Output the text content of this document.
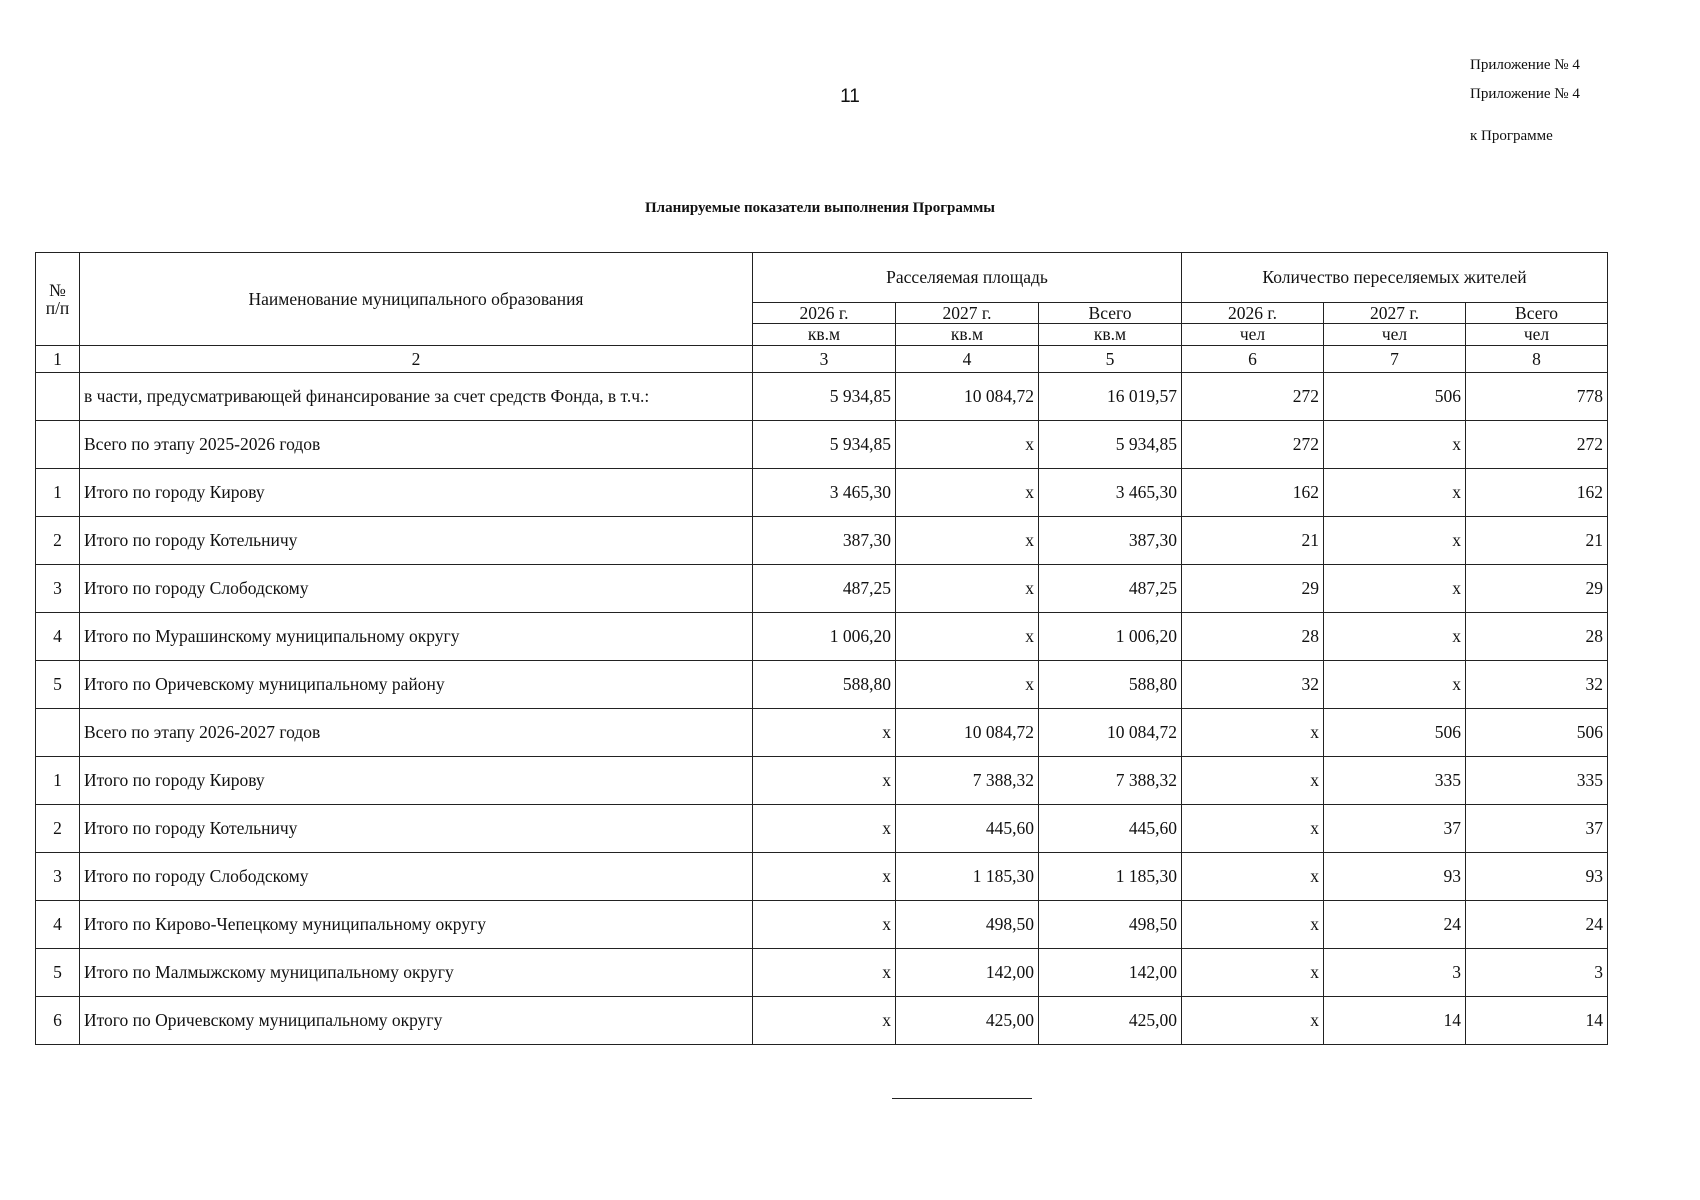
11
Приложение № 4
Приложение № 4
к Программе
Планируемые показатели выполнения Программы
№ п/п	Наименование муниципального образования	Расселяемая площадь			Количество переселяемых жителей		
		2026 г.	2027 г.	Всего	2026 г.	2027 г.	Всего
		кв.м	кв.м	кв.м	чел	чел	чел
1	2	3	4	5	6	7	8
	в части, предусматривающей финансирование за счет средств Фонда, в т.ч.:	5 934,85	10 084,72	16 019,57	272	506	778
	Всего по этапу 2025-2026 годов	5 934,85	x	5 934,85	272	x	272
1	Итого по городу Кирову	3 465,30	x	3 465,30	162	x	162
2	Итого по городу Котельничу	387,30	x	387,30	21	x	21
3	Итого по городу Слободскому	487,25	x	487,25	29	x	29
4	Итого по Мурашинскому муниципальному округу	1 006,20	x	1 006,20	28	x	28
5	Итого по Оричевскому муниципальному району	588,80	x	588,80	32	x	32
	Всего по этапу 2026-2027 годов	x	10 084,72	10 084,72	x	506	506
1	Итого по городу Кирову	x	7 388,32	7 388,32	x	335	335
2	Итого по городу Котельничу	x	445,60	445,60	x	37	37
3	Итого по городу Слободскому	x	1 185,30	1 185,30	x	93	93
4	Итого по Кирово-Чепецкому муниципальному округу	x	498,50	498,50	x	24	24
5	Итого по Малмыжскому муниципальному округу	x	142,00	142,00	x	3	3
6	Итого по Оричевскому муниципальному округу	x	425,00	425,00	x	14	14
